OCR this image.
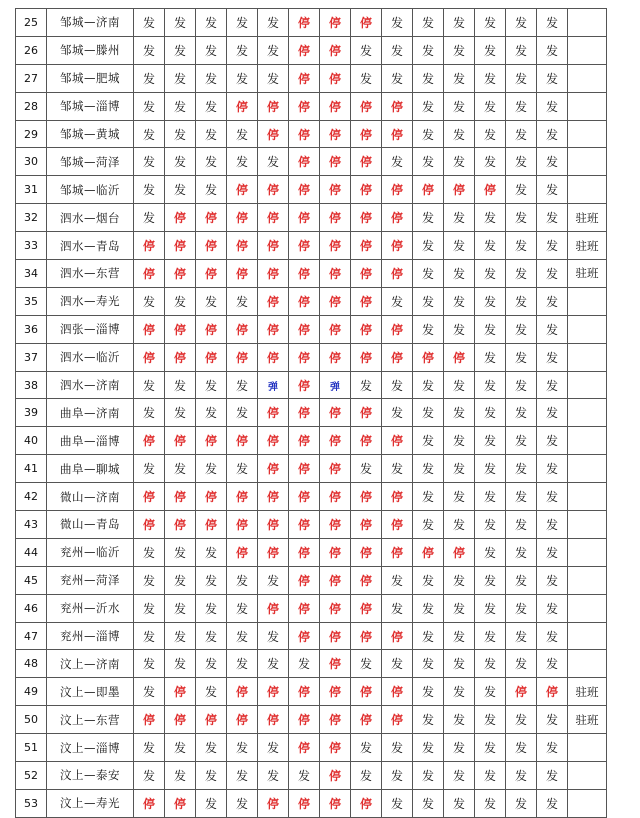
25	邹城—济南	发	发	发	发	发	停	停	停	发	发	发	发	发	发	
26	邹城—滕州	发	发	发	发	发	停	停	发	发	发	发	发	发	发	
27	邹城—肥城	发	发	发	发	发	停	停	发	发	发	发	发	发	发	
28	邹城—淄博	发	发	发	停	停	停	停	停	停	发	发	发	发	发	
29	邹城—黄城	发	发	发	发	停	停	停	停	停	发	发	发	发	发	
30	邹城—菏泽	发	发	发	发	发	停	停	停	发	发	发	发	发	发	
31	邹城—临沂	发	发	发	停	停	停	停	停	停	停	停	停	发	发	
32	泗水—烟台	发	停	停	停	停	停	停	停	停	发	发	发	发	发	驻班
33	泗水—青岛	停	停	停	停	停	停	停	停	停	发	发	发	发	发	驻班
34	泗水—东营	停	停	停	停	停	停	停	停	停	发	发	发	发	发	驻班
35	泗水—寿光	发	发	发	发	停	停	停	停	发	发	发	发	发	发	
36	泗张—淄博	停	停	停	停	停	停	停	停	停	发	发	发	发	发	
37	泗水—临沂	停	停	停	停	停	停	停	停	停	停	停	发	发	发	
38	泗水—济南	发	发	发	发	弹	停	弹	发	发	发	发	发	发	发	
39	曲阜—济南	发	发	发	发	停	停	停	停	发	发	发	发	发	发	
40	曲阜—淄博	停	停	停	停	停	停	停	停	停	发	发	发	发	发	
41	曲阜—聊城	发	发	发	发	停	停	停	发	发	发	发	发	发	发	
42	微山—济南	停	停	停	停	停	停	停	停	停	发	发	发	发	发	
43	微山—青岛	停	停	停	停	停	停	停	停	停	发	发	发	发	发	
44	兖州—临沂	发	发	发	停	停	停	停	停	停	停	停	发	发	发	
45	兖州—菏泽	发	发	发	发	发	停	停	停	发	发	发	发	发	发	
46	兖州—沂水	发	发	发	发	停	停	停	停	发	发	发	发	发	发	
47	兖州—淄博	发	发	发	发	发	停	停	停	停	发	发	发	发	发	
48	汶上—济南	发	发	发	发	发	发	停	发	发	发	发	发	发	发	
49	汶上—即墨	发	停	发	停	停	停	停	停	停	发	发	发	停	停	驻班
50	汶上—东营	停	停	停	停	停	停	停	停	停	发	发	发	发	发	驻班
51	汶上—淄博	发	发	发	发	发	停	停	发	发	发	发	发	发	发	
52	汶上—泰安	发	发	发	发	发	发	停	发	发	发	发	发	发	发	
53	汶上—寿光	停	停	发	发	停	停	停	停	发	发	发	发	发	发	
